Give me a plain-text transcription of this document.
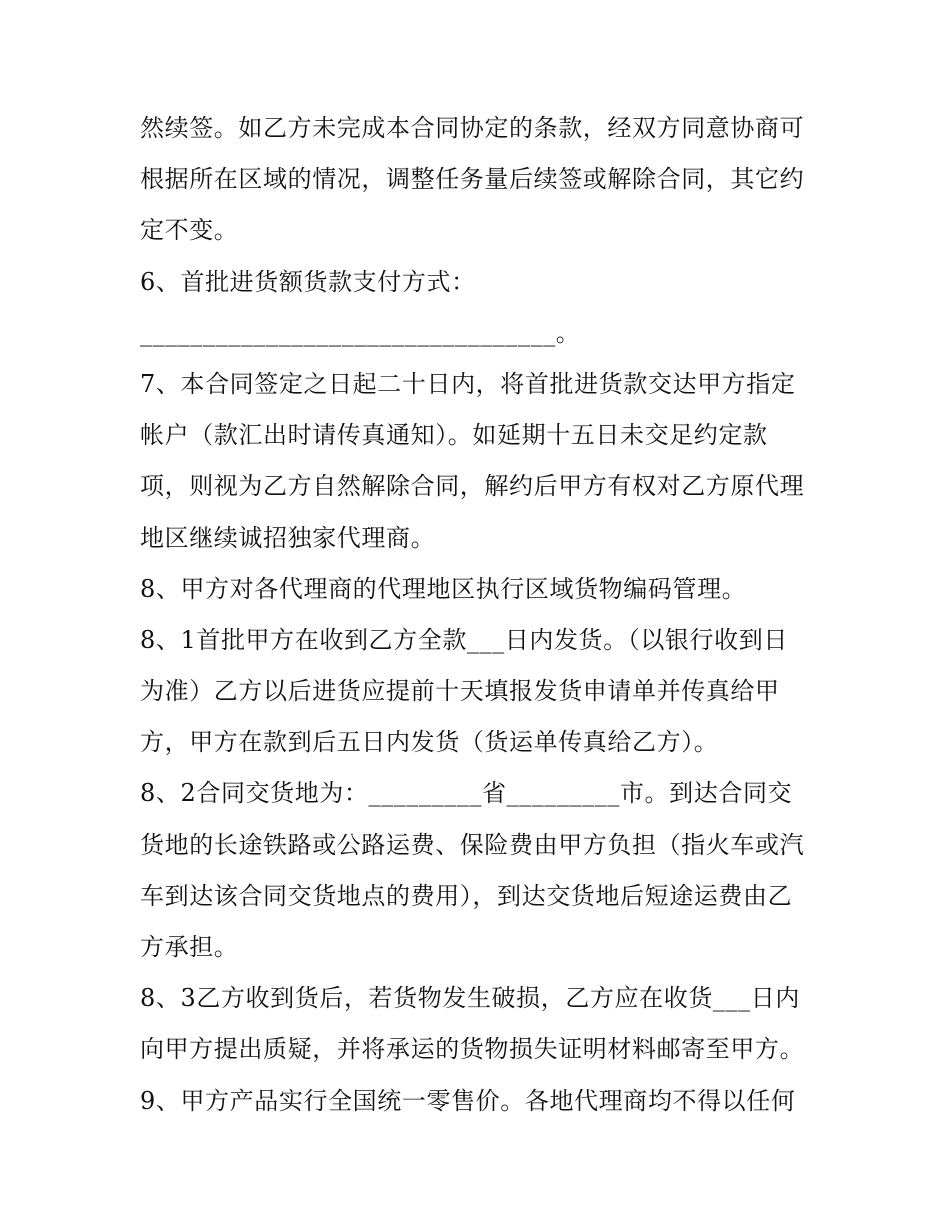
然续签。如乙方未完成本合同协定的条款，经双方同意协商可
根据所在区域的情况，调整任务量后续签或解除合同，其它约
定不变。
6、首批进货额货款支付方式：
_________________________________。
7、本合同签定之日起二十日内，将首批进货款交达甲方指定
帐户（款汇出时请传真通知）。如延期十五日未交足约定款
项，则视为乙方自然解除合同，解约后甲方有权对乙方原代理
地区继续诚招独家代理商。
8、甲方对各代理商的代理地区执行区域货物编码管理。
8、1首批甲方在收到乙方全款___日内发货。（以银行收到日
为准）乙方以后进货应提前十天填报发货申请单并传真给甲
方，甲方在款到后五日内发货（货运单传真给乙方）。
8、2合同交货地为：_________省_________市。到达合同交
货地的长途铁路或公路运费、保险费由甲方负担（指火车或汽
车到达该合同交货地点的费用），到达交货地后短途运费由乙
方承担。
8、3乙方收到货后，若货物发生破损，乙方应在收货___日内
向甲方提出质疑，并将承运的货物损失证明材料邮寄至甲方。
9、甲方产品实行全国统一零售价。各地代理商均不得以任何
